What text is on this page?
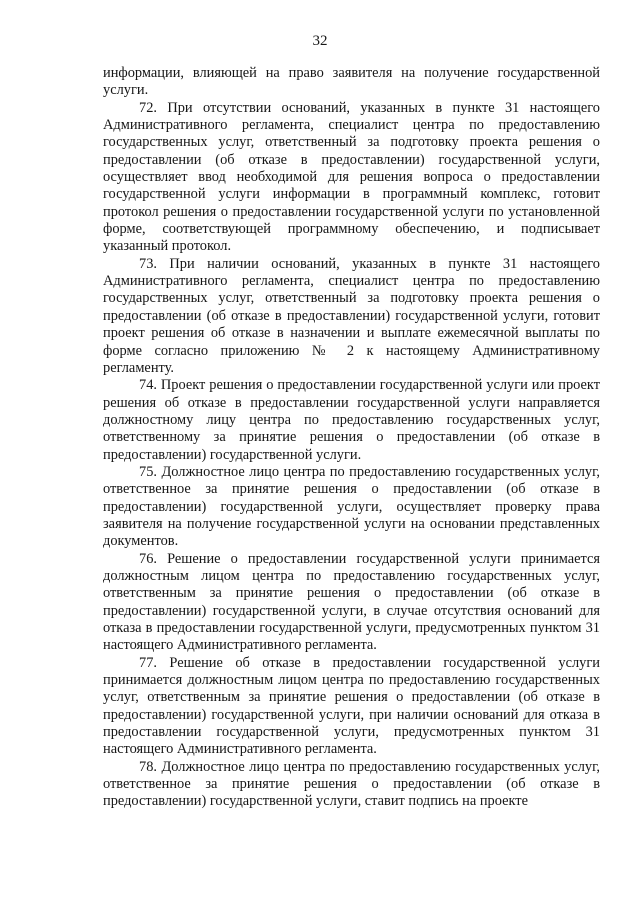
32

информации, влияющей на право заявителя на получение государственной услуги.

72. При отсутствии оснований, указанных в пункте 31 настоящего Административного регламента, специалист центра по предоставлению государственных услуг, ответственный за подготовку проекта решения о предоставлении (об отказе в предоставлении) государственной услуги, осуществляет ввод необходимой для решения вопроса о предоставлении государственной услуги информации в программный комплекс, готовит протокол решения о предоставлении государственной услуги по установленной форме, соответствующей программному обеспечению, и подписывает указанный протокол.

73. При наличии оснований, указанных в пункте 31 настоящего Административного регламента, специалист центра по предоставлению государственных услуг, ответственный за подготовку проекта решения о предоставлении (об отказе в предоставлении) государственной услуги, готовит проект решения об отказе в назначении и выплате ежемесячной выплаты по форме согласно приложению № 2 к настоящему Административному регламенту.

74. Проект решения о предоставлении государственной услуги или проект решения об отказе в предоставлении государственной услуги направляется должностному лицу центра по предоставлению государственных услуг, ответственному за принятие решения о предоставлении (об отказе в предоставлении) государственной услуги.

75. Должностное лицо центра по предоставлению государственных услуг, ответственное за принятие решения о предоставлении (об отказе в предоставлении) государственной услуги, осуществляет проверку права заявителя на получение государственной услуги на основании представленных документов.

76. Решение о предоставлении государственной услуги принимается должностным лицом центра по предоставлению государственных услуг, ответственным за принятие решения о предоставлении (об отказе в предоставлении) государственной услуги, в случае отсутствия оснований для отказа в предоставлении государственной услуги, предусмотренных пунктом 31 настоящего Административного регламента.

77. Решение об отказе в предоставлении государственной услуги принимается должностным лицом центра по предоставлению государственных услуг, ответственным за принятие решения о предоставлении (об отказе в предоставлении) государственной услуги, при наличии оснований для отказа в предоставлении государственной услуги, предусмотренных пунктом 31 настоящего Административного регламента.

78. Должностное лицо центра по предоставлению государственных услуг, ответственное за принятие решения о предоставлении (об отказе в предоставлении) государственной услуги, ставит подпись на проекте
